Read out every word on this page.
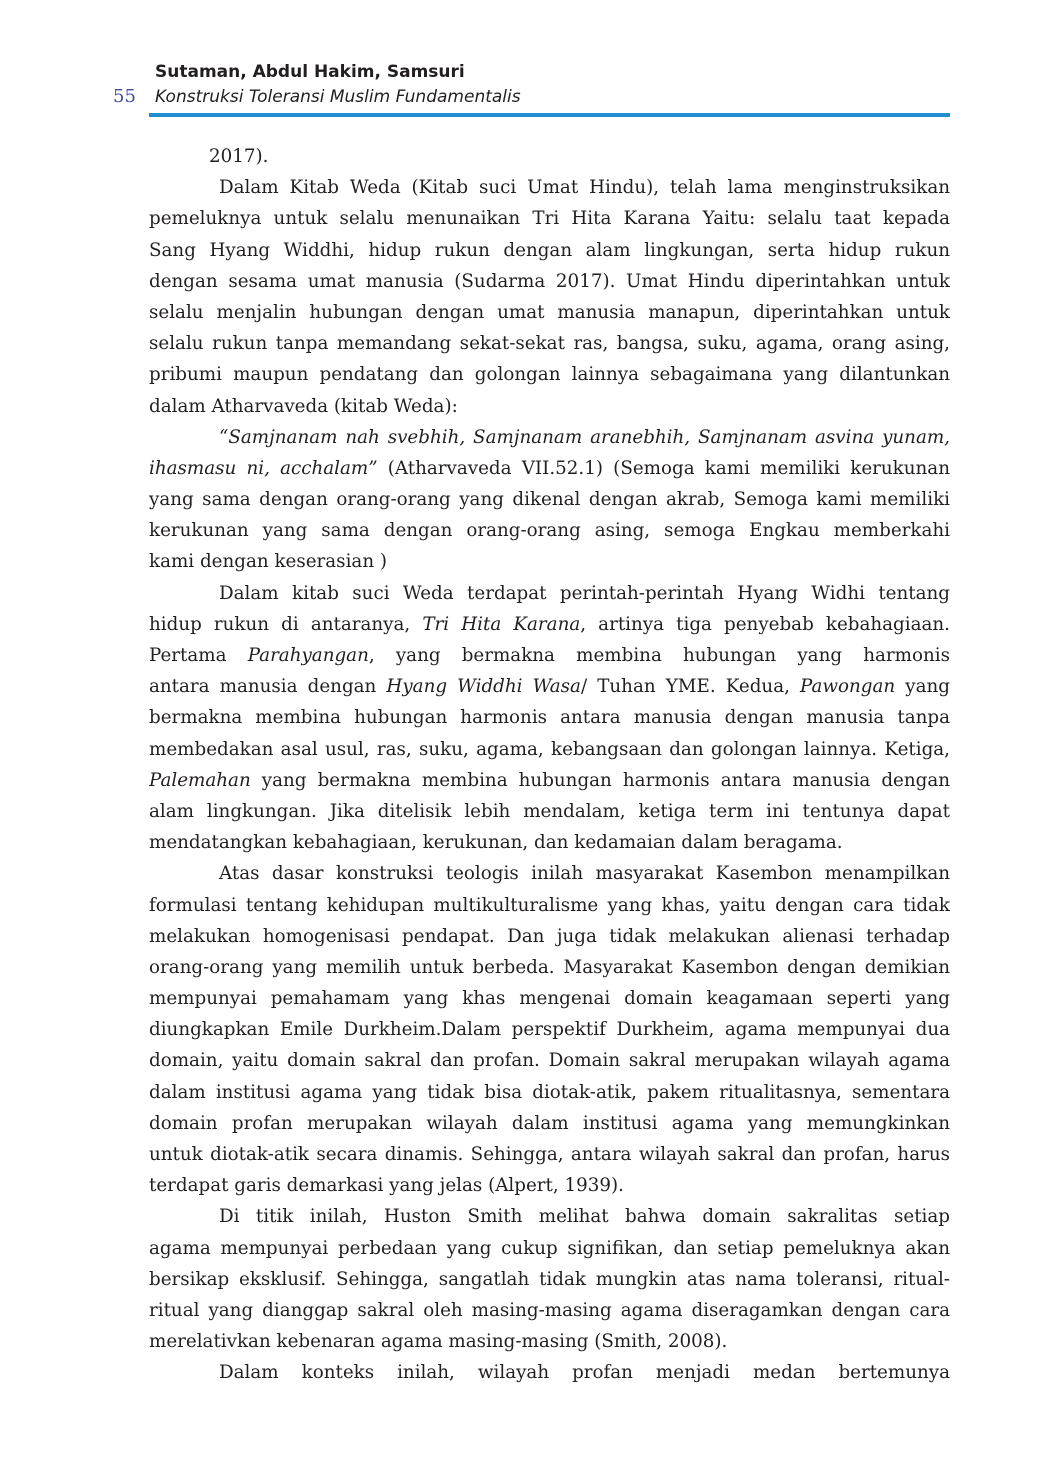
55
Sutaman, Abdul Hakim, Samsuri
Konstruksi Toleransi Muslim Fundamentalis
2017).
Dalam Kitab Weda (Kitab suci Umat Hindu), telah lama menginstruksikan
pemeluknya untuk selalu menunaikan Tri Hita Karana Yaitu: selalu taat kepada
Sang Hyang Widdhi, hidup rukun dengan alam lingkungan, serta hidup rukun
dengan sesama umat manusia (Sudarma 2017). Umat Hindu diperintahkan untuk
selalu menjalin hubungan dengan umat manusia manapun, diperintahkan untuk
selalu rukun tanpa memandang sekat-sekat ras, bangsa, suku, agama, orang asing,
pribumi maupun pendatang dan golongan lainnya sebagaimana yang dilantunkan
dalam Atharvaveda (kitab Weda):
“Samjnanam nah svebhih, Samjnanam aranebhih, Samjnanam asvina yunam,
ihasmasu ni, acchalam” (Atharvaveda VII.52.1) (Semoga kami memiliki kerukunan
yang sama dengan orang-orang yang dikenal dengan akrab, Semoga kami memiliki
kerukunan yang sama dengan orang-orang asing, semoga Engkau memberkahi
kami dengan keserasian )
Dalam kitab suci Weda terdapat perintah-perintah Hyang Widhi tentang
hidup rukun di antaranya, Tri Hita Karana, artinya tiga penyebab kebahagiaan.
Pertama Parahyangan, yang bermakna membina hubungan yang harmonis
antara manusia dengan Hyang Widdhi Wasa/ Tuhan YME. Kedua, Pawongan yang
bermakna membina hubungan harmonis antara manusia dengan manusia tanpa
membedakan asal usul, ras, suku, agama, kebangsaan dan golongan lainnya. Ketiga,
Palemahan yang bermakna membina hubungan harmonis antara manusia dengan
alam lingkungan. Jika ditelisik lebih mendalam, ketiga term ini tentunya dapat
mendatangkan kebahagiaan, kerukunan, dan kedamaian dalam beragama.
Atas dasar konstruksi teologis inilah masyarakat Kasembon menampilkan
formulasi tentang kehidupan multikulturalisme yang khas, yaitu dengan cara tidak
melakukan homogenisasi pendapat. Dan juga tidak melakukan alienasi terhadap
orang-orang yang memilih untuk berbeda. Masyarakat Kasembon dengan demikian
mempunyai pemahamam yang khas mengenai domain keagamaan seperti yang
diungkapkan Emile Durkheim.Dalam perspektif Durkheim, agama mempunyai dua
domain, yaitu domain sakral dan profan. Domain sakral merupakan wilayah agama
dalam institusi agama yang tidak bisa diotak-atik, pakem ritualitasnya, sementara
domain profan merupakan wilayah dalam institusi agama yang memungkinkan
untuk diotak-atik secara dinamis. Sehingga, antara wilayah sakral dan profan, harus
terdapat garis demarkasi yang jelas (Alpert, 1939).
Di titik inilah, Huston Smith melihat bahwa domain sakralitas setiap
agama mempunyai perbedaan yang cukup signifikan, dan setiap pemeluknya akan
bersikap eksklusif. Sehingga, sangatlah tidak mungkin atas nama toleransi, ritual-
ritual yang dianggap sakral oleh masing-masing agama diseragamkan dengan cara
merelativkan kebenaran agama masing-masing (Smith, 2008).
Dalam konteks inilah, wilayah profan menjadi medan bertemunya
